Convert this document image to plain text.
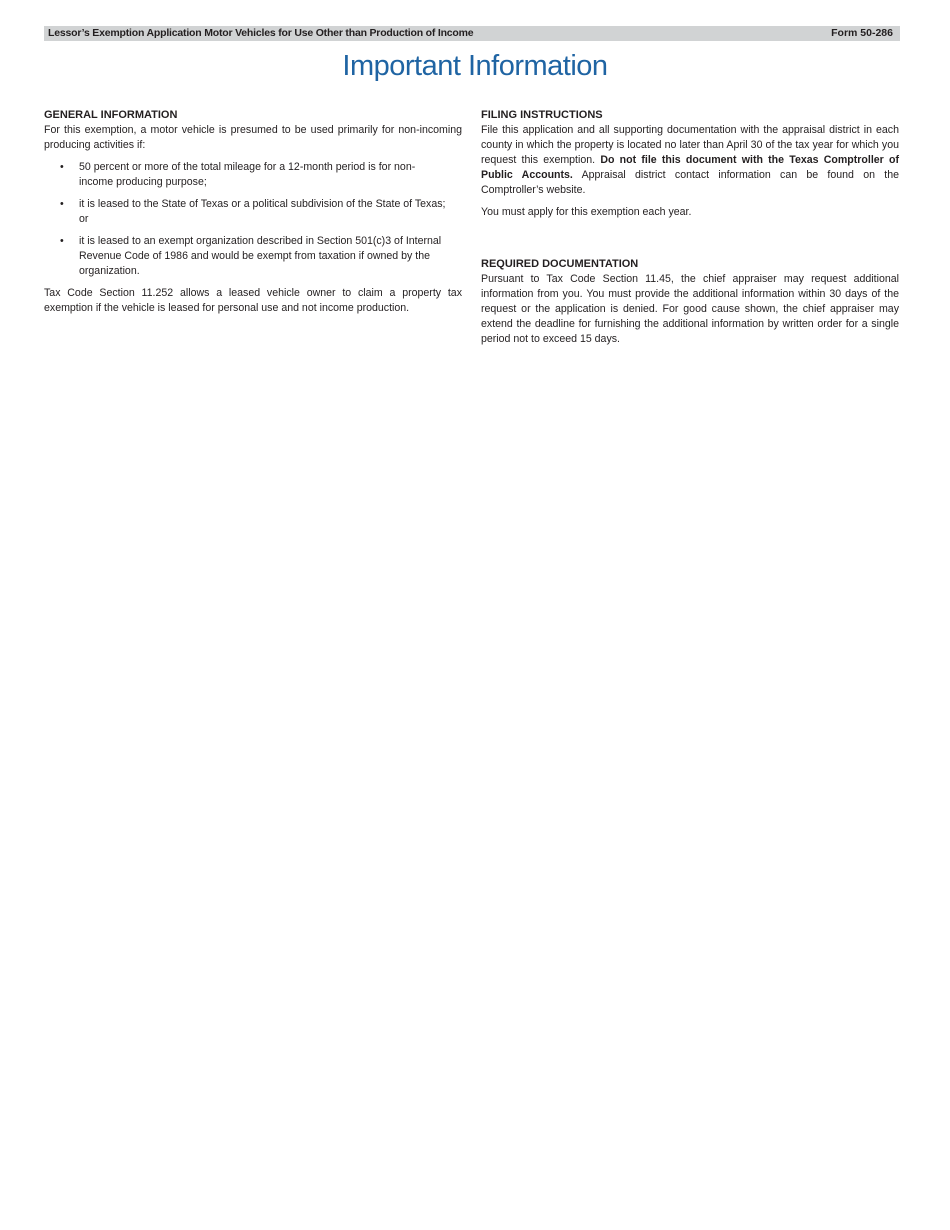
Lessor’s Exemption Application Motor Vehicles for Use Other than Production of Income	Form 50-286
Important Information
GENERAL INFORMATION

For this exemption, a motor vehicle is presumed to be used primarily for non-incoming producing activities if:

• 50 percent or more of the total mileage for a 12-month period is for non-income producing purpose;
• it is leased to the State of Texas or a political subdivision of the State of Texas; or
• it is leased to an exempt organization described in Section 501(c)3 of Internal Revenue Code of 1986 and would be exempt from taxation if owned by the organization.

Tax Code Section 11.252 allows a leased vehicle owner to claim a property tax exemption if the vehicle is leased for personal use and not income production.

FILING INSTRUCTIONS

File this application and all supporting documentation with the appraisal district in each county in which the property is located no later than April 30 of the tax year for which you request this exemption. Do not file this document with the Texas Comptroller of Public Accounts. Appraisal district contact information can be found on the Comptroller’s website.

You must apply for this exemption each year.

REQUIRED DOCUMENTATION

Pursuant to Tax Code Section 11.45, the chief appraiser may request additional information from you. You must provide the additional information within 30 days of the request or the application is denied. For good cause shown, the chief appraiser may extend the deadline for furnishing the additional information by written order for a single period not to exceed 15 days.
